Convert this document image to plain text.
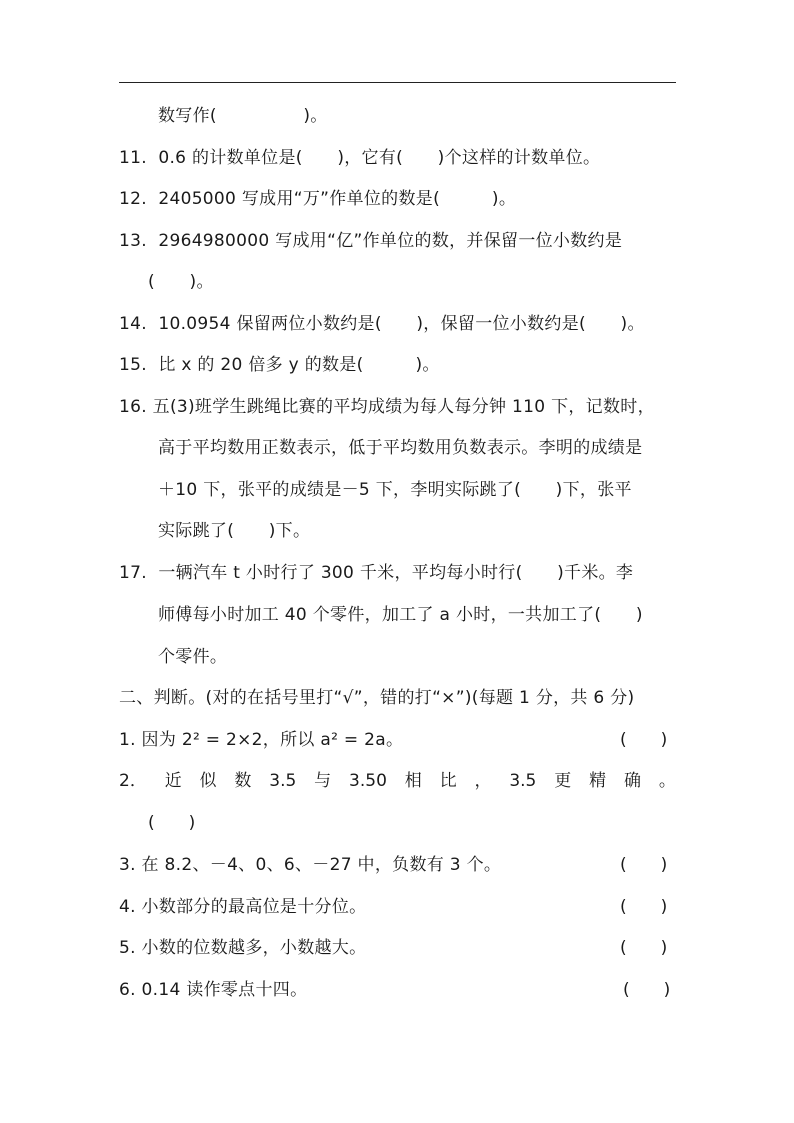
数写作(　　　　　)。
11.  0.6 的计数单位是(　　)，它有(　　)个这样的计数单位。
12.  2405000 写成用“万”作单位的数是(　　　)。
13.  2964980000 写成用“亿”作单位的数，并保留一位小数约是
(　　)。
14.  10.0954 保留两位小数约是(　　)，保留一位小数约是(　　)。
15.  比 x 的 20 倍多 y 的数是(　　　)。
16. 五(3)班学生跳绳比赛的平均成绩为每人每分钟 110 下，记数时，
高于平均数用正数表示，低于平均数用负数表示。李明的成绩是
＋10 下，张平的成绩是－5 下，李明实际跳了(　　)下，张平
实际跳了(　　)下。
17.  一辆汽车 t 小时行了 300 千米，平均每小时行(　　)千米。李
师傅每小时加工 40 个零件，加工了 a 小时，一共加工了(　　)
个零件。
二、判断。(对的在括号里打“√”，错的打“×”)(每题 1 分，共 6 分)
1. 因为 2² = 2×2，所以 a² = 2a。	(　　)
2． 近 似 数 3.5 与 3.50 相 比 ， 3.5 更 精 确 。
(　　)
3. 在 8.2、－4、0、6、－27 中，负数有 3 个。	(　　)
4. 小数部分的最高位是十分位。	(　　)
5. 小数的位数越多，小数越大。	(　　)
6. 0.14 读作零点十四。	(　　)
